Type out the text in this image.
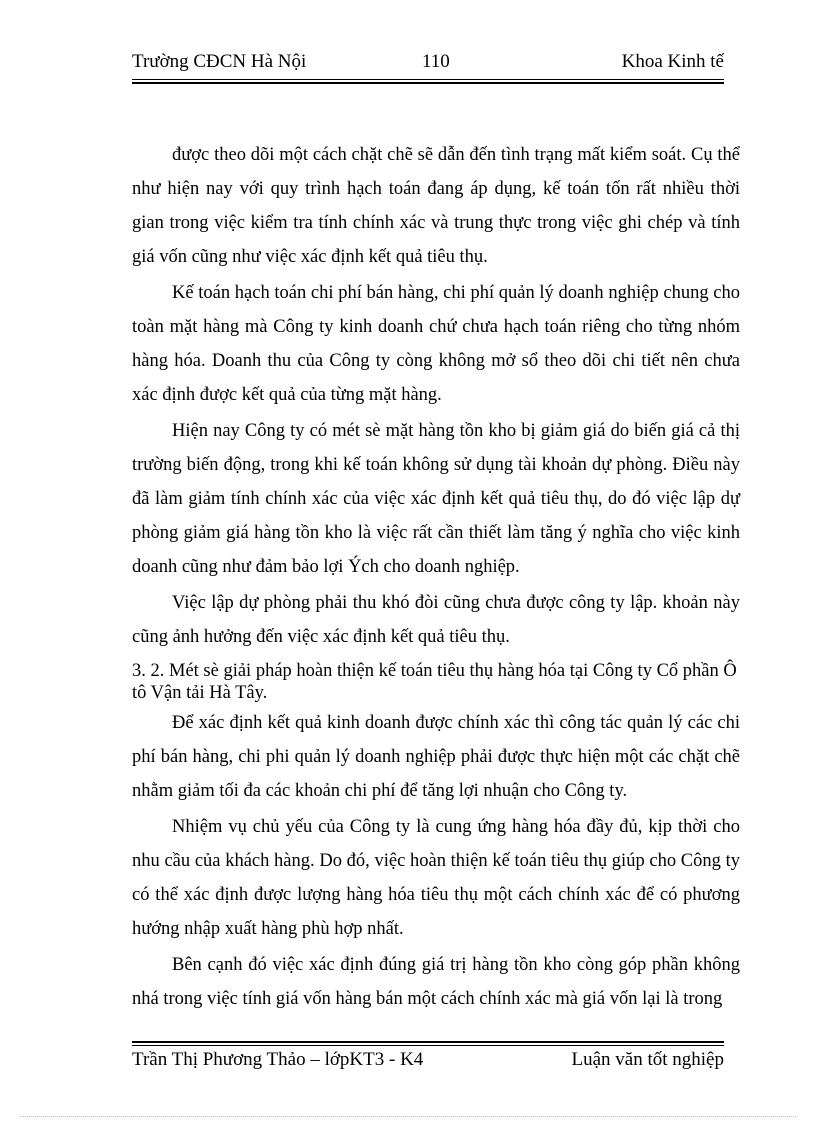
Trường CĐCN Hà Nội	110	Khoa Kinh tế

được theo dõi một cách chặt chẽ sẽ dẫn đến tình trạng mất kiểm soát. Cụ thể như hiện nay với quy trình hạch toán đang áp dụng, kế toán tốn rất nhiều thời gian trong việc kiểm tra tính chính xác và trung thực trong việc ghi chép và tính giá vốn cũng như việc xác định kết quả tiêu thụ.

Kế toán hạch toán chi phí bán hàng, chi phí quản lý doanh nghiệp chung cho toàn mặt hàng mà Công ty kinh doanh chứ chưa hạch toán riêng cho từng nhóm hàng hóa. Doanh thu của Công ty còng không mở sổ theo dõi chi tiết nên chưa xác định được kết quả của từng mặt hàng.

Hiện nay Công ty có mét sè mặt hàng tồn kho bị giảm giá do biến giá cả thị trường biến động, trong khi kế toán không sử dụng tài khoản dự phòng. Điều này đã làm giảm tính chính xác của việc xác định kết quả tiêu thụ, do đó việc lập dự phòng giảm giá hàng tồn kho là việc rất cần thiết làm tăng ý nghĩa cho việc kinh doanh cũng như đảm bảo lợi Ých cho doanh nghiệp.

Việc lập dự phòng phải thu khó đòi cũng chưa được công ty lập. khoản này cũng ảnh hưởng đến việc xác định kết quả tiêu thụ.

3. 2. Mét sè giải pháp hoàn thiện kế toán tiêu thụ hàng hóa tại Công ty Cổ phần Ô tô Vận tải Hà Tây.

Để xác định kết quả kinh doanh được chính xác thì công tác quản lý các chi phí bán hàng, chi phi quản lý doanh nghiệp phải được thực hiện một các chặt chẽ nhằm giảm tối đa các khoản chi phí để tăng lợi nhuận cho Công ty.

Nhiệm vụ chủ yếu của Công ty là cung ứng hàng hóa đầy đủ, kịp thời cho nhu cầu của khách hàng. Do đó, việc hoàn thiện kế toán tiêu thụ giúp cho Công ty có thể xác định được lượng hàng hóa tiêu thụ một cách chính xác để có phương hướng nhập xuất hàng phù hợp nhất.

Bên cạnh đó việc xác định đúng giá trị hàng tồn kho còng góp phần không nhá trong việc tính giá vốn hàng bán một cách chính xác mà giá vốn lại là trong

Trần Thị Phương Thảo – lớpKT3 - K4	Luận văn tốt nghiệp
